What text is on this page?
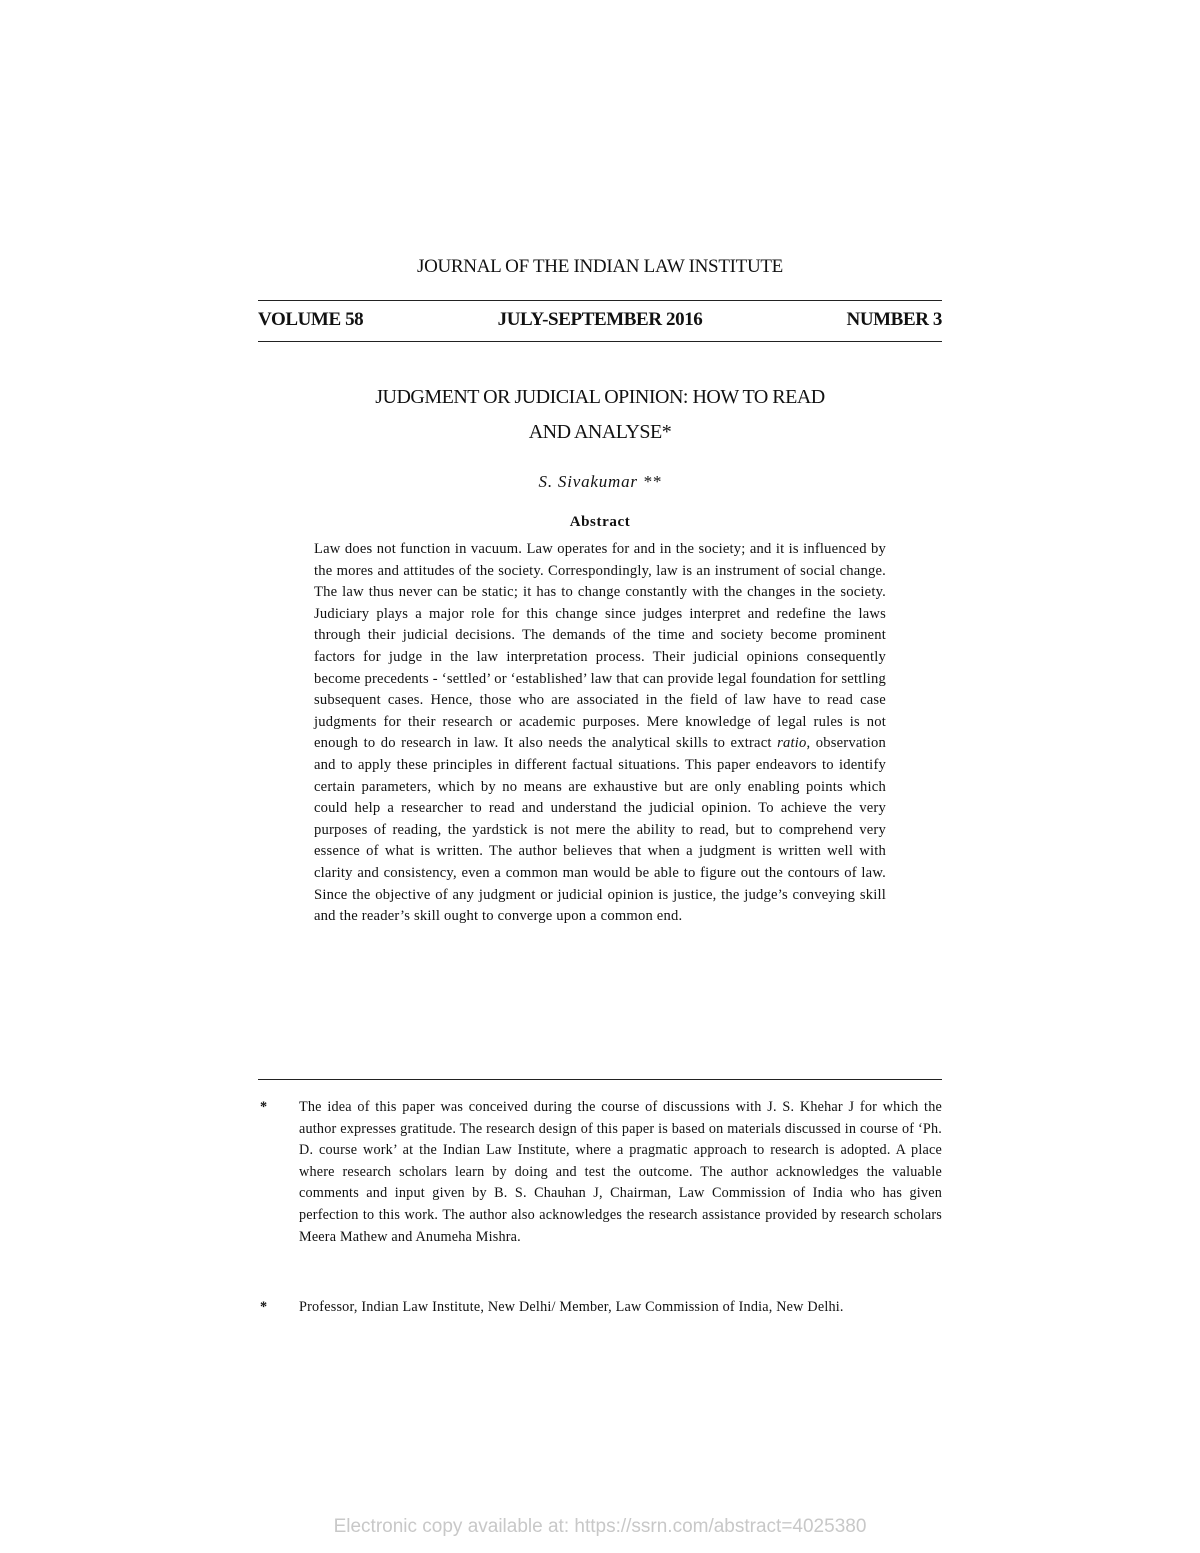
JOURNAL OF THE INDIAN LAW INSTITUTE
VOLUME 58	JULY-SEPTEMBER 2016	NUMBER 3
JUDGMENT OR JUDICIAL OPINION: HOW TO READ
AND ANALYSE*
S. Sivakumar **
Abstract

Law does not function in vacuum. Law operates for and in the society; and it is influenced by the mores and attitudes of the society. Correspondingly, law is an instrument of social change. The law thus never can be static; it has to change constantly with the changes in the society. Judiciary plays a major role for this change since judges interpret and redefine the laws through their judicial decisions. The demands of the time and society become prominent factors for judge in the law interpretation process. Their judicial opinions consequently become precedents - ‘settled’ or ‘established’ law that can provide legal foundation for settling subsequent cases. Hence, those who are associated in the field of law have to read case judgments for their research or academic purposes. Mere knowledge of legal rules is not enough to do research in law. It also needs the analytical skills to extract ratio, observation and to apply these principles in different factual situations. This paper endeavors to identify certain parameters, which by no means are exhaustive but are only enabling points which could help a researcher to read and understand the judicial opinion. To achieve the very purposes of reading, the yardstick is not mere the ability to read, but to comprehend very essence of what is written. The author believes that when a judgment is written well with clarity and consistency, even a common man would be able to figure out the contours of law. Since the objective of any judgment or judicial opinion is justice, the judge’s conveying skill and the reader’s skill ought to converge upon a common end.

* The idea of this paper was conceived during the course of discussions with J. S. Khehar J for which the author expresses gratitude. The research design of this paper is based on materials discussed in course of ‘Ph. D. course work’ at the Indian Law Institute, where a pragmatic approach to research is adopted. A place where research scholars learn by doing and test the outcome. The author acknowledges the valuable comments and input given by B. S. Chauhan J, Chairman, Law Commission of India who has given perfection to this work. The author also acknowledges the research assistance provided by research scholars Meera Mathew and Anumeha Mishra.
* Professor, Indian Law Institute, New Delhi/ Member, Law Commission of India, New Delhi.
Electronic copy available at: https://ssrn.com/abstract=4025380
